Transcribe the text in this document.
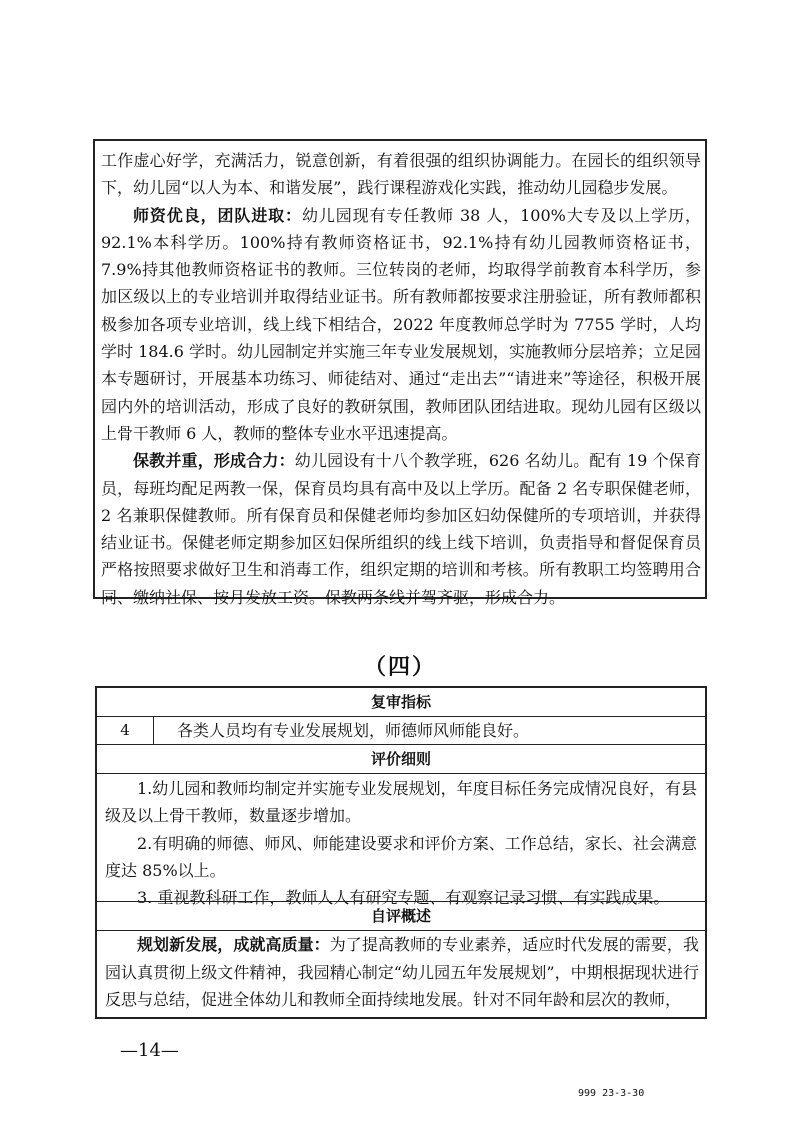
工作虚心好学，充满活力，锐意创新，有着很强的组织协调能力。在园长的组织领导下，幼儿园“以人为本、和谐发展”，践行课程游戏化实践，推动幼儿园稳步发展。

师资优良，团队进取：幼儿园现有专任教师 38 人，100%大专及以上学历，92.1%本科学历。100%持有教师资格证书，92.1%持有幼儿园教师资格证书，7.9%持其他教师资格证书的教师。三位转岗的老师，均取得学前教育本科学历，参加区级以上的专业培训并取得结业证书。所有教师都按要求注册验证，所有教师都积极参加各项专业培训，线上线下相结合，2022 年度教师总学时为 7755 学时，人均学时 184.6 学时。幼儿园制定并实施三年专业发展规划，实施教师分层培养；立足园本专题研讨，开展基本功练习、师徒结对、通过“走出去”“请进来”等途径，积极开展园内外的培训活动，形成了良好的教研氛围，教师团队团结进取。现幼儿园有区级以上骨干教师 6 人，教师的整体专业水平迅速提高。

保教并重，形成合力：幼儿园设有十八个教学班，626 名幼儿。配有 19 个保育员，每班均配足两教一保，保育员均具有高中及以上学历。配备 2 名专职保健老师，2 名兼职保健教师。所有保育员和保健老师均参加区妇幼保健所的专项培训，并获得结业证书。保健老师定期参加区妇保所组织的线上线下培训，负责指导和督促保育员严格按照要求做好卫生和消毒工作，组织定期的培训和考核。所有教职工均签聘用合同、缴纳社保、按月发放工资。保教两条线并驾齐驱，形成合力。

（四）
复审指标
4	各类人员均有专业发展规划，师德师风师能良好。
评价细则

1.幼儿园和教师均制定并实施专业发展规划，年度目标任务完成情况良好，有县级及以上骨干教师，数量逐步增加。

2.有明确的师德、师风、师能建设要求和评价方案、工作总结，家长、社会满意度达 85%以上。

3. 重视教科研工作，教师人人有研究专题、有观察记录习惯、有实践成果。

自评概述

规划新发展，成就高质量：为了提高教师的专业素养，适应时代发展的需要，我园认真贯彻上级文件精神，我园精心制定“幼儿园五年发展规划”，中期根据现状进行反思与总结，促进全体幼儿和教师全面持续地发展。针对不同年龄和层次的教师，

—14—
999 23-3-30
